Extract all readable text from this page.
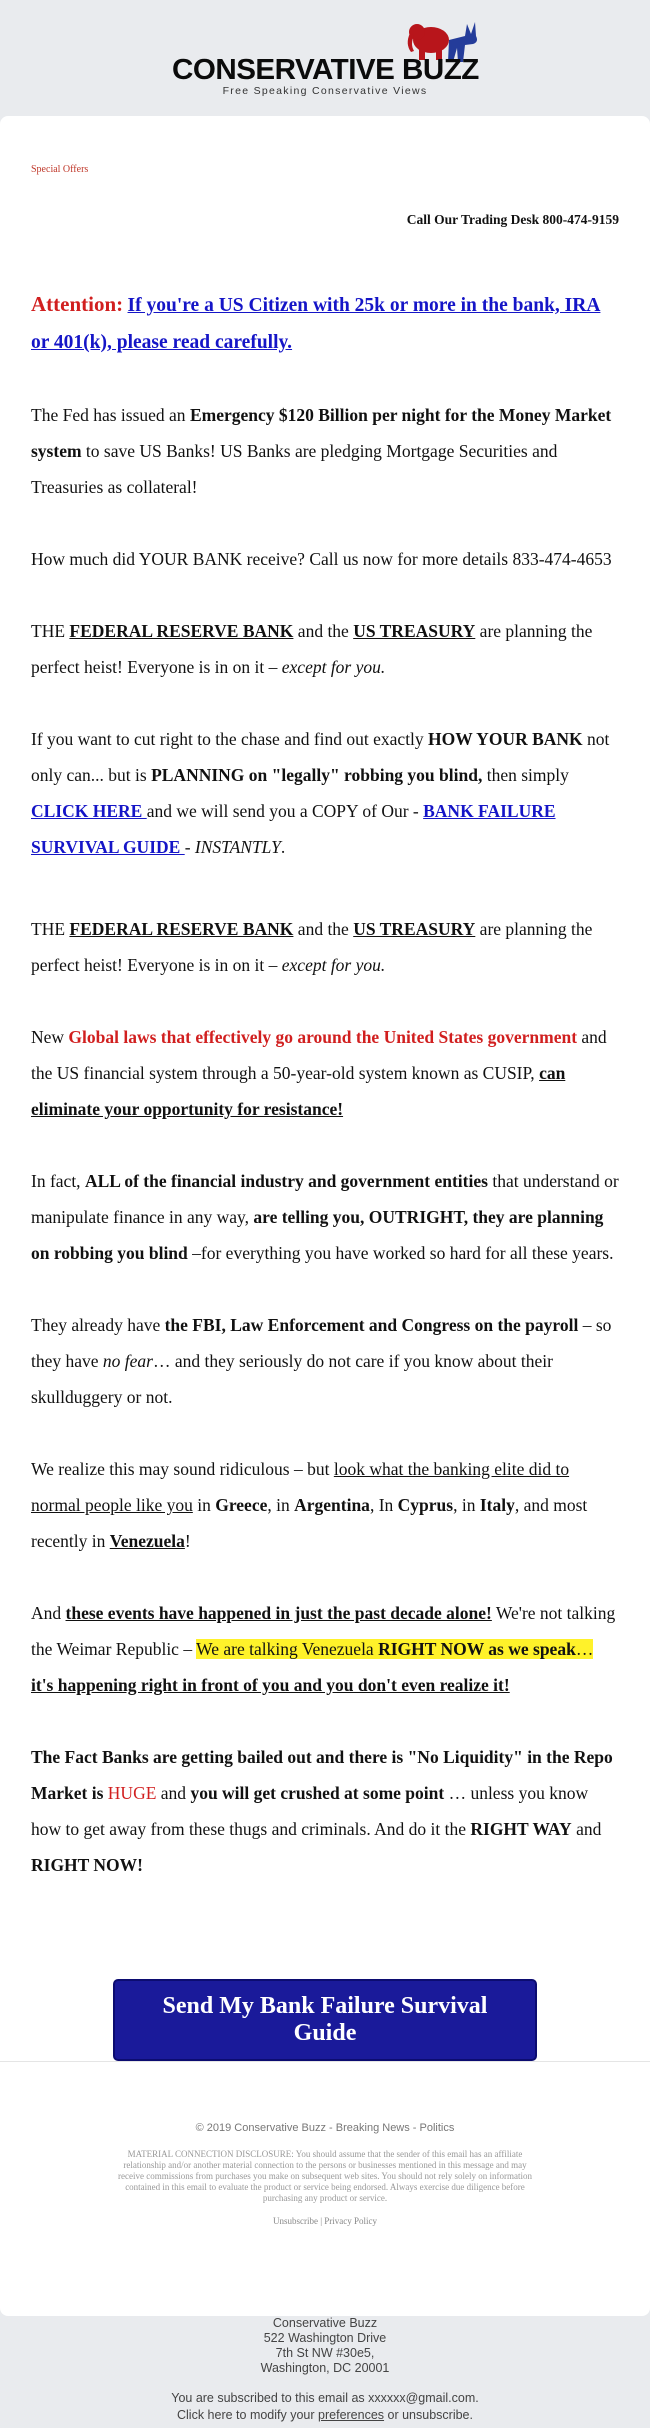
CONSERVATIVE BUZZ
Free Speaking Conservative Views
Special Offers
Call Our Trading Desk 800-474-9159

Attention: If you're a US Citizen with 25k or more in the bank, IRA or 401(k), please read carefully.

The Fed has issued an Emergency $120 Billion per night for the Money Market system to save US Banks! US Banks are pledging Mortgage Securities and Treasuries as collateral!

How much did YOUR BANK receive? Call us now for more details 833-474-4653

THE FEDERAL RESERVE BANK and the US TREASURY are planning the perfect heist! Everyone is in on it – except for you.

If you want to cut right to the chase and find out exactly HOW YOUR BANK not only can... but is PLANNING on "legally" robbing you blind, then simply CLICK HERE and we will send you a COPY of Our - BANK FAILURE SURVIVAL GUIDE - INSTANTLY.

THE FEDERAL RESERVE BANK and the US TREASURY are planning the perfect heist! Everyone is in on it – except for you.

New Global laws that effectively go around the United States government and the US financial system through a 50-year-old system known as CUSIP, can eliminate your opportunity for resistance!

In fact, ALL of the financial industry and government entities that understand or manipulate finance in any way, are telling you, OUTRIGHT, they are planning on robbing you blind –for everything you have worked so hard for all these years.

They already have the FBI, Law Enforcement and Congress on the payroll – so they have no fear… and they seriously do not care if you know about their skullduggery or not.

We realize this may sound ridiculous – but look what the banking elite did to normal people like you in Greece, in Argentina, In Cyprus, in Italy, and most recently in Venezuela!

And these events have happened in just the past decade alone! We're not talking the Weimar Republic – We are talking Venezuela RIGHT NOW as we speak… it's happening right in front of you and you don't even realize it!

The Fact Banks are getting bailed out and there is "No Liquidity" in the Repo Market is HUGE and you will get crushed at some point … unless you know how to get away from these thugs and criminals. And do it the RIGHT WAY and RIGHT NOW!

Send My Bank Failure Survival Guide
© 2019 Conservative Buzz - Breaking News - Politics
MATERIAL CONNECTION DISCLOSURE: You should assume that the sender of this email has an affiliate relationship and/or another material connection to the persons or businesses mentioned in this message and may receive commissions from purchases you make on subsequent web sites. You should not rely solely on information contained in this email to evaluate the product or service being endorsed. Always exercise due diligence before purchasing any product or service.
Unsubscribe | Privacy Policy
Conservative Buzz
522 Washington Drive
7th St NW #30e5,
Washington, DC 20001
You are subscribed to this email as xxxxxx@gmail.com.
Click here to modify your preferences or unsubscribe.
